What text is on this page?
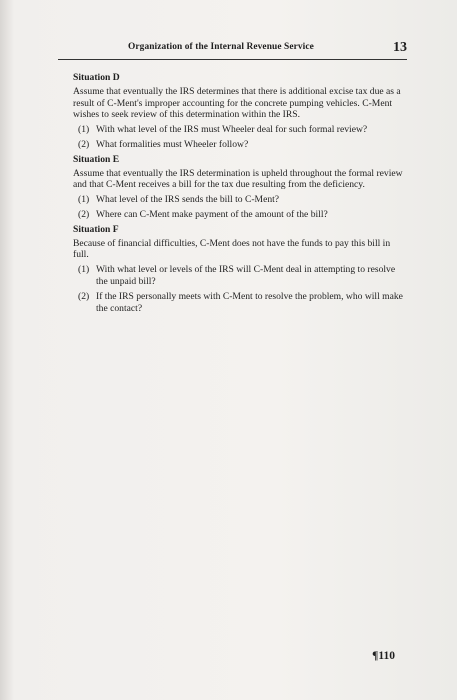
Organization of the Internal Revenue Service	13
Situation D
Assume that eventually the IRS determines that there is additional excise tax due as a result of C-Ment's improper accounting for the concrete pumping vehicles. C-Ment wishes to seek review of this determination within the IRS.
(1) With what level of the IRS must Wheeler deal for such formal review?
(2) What formalities must Wheeler follow?
Situation E
Assume that eventually the IRS determination is upheld throughout the formal review and that C-Ment receives a bill for the tax due resulting from the deficiency.
(1) What level of the IRS sends the bill to C-Ment?
(2) Where can C-Ment make payment of the amount of the bill?
Situation F
Because of financial difficulties, C-Ment does not have the funds to pay this bill in full.
(1) With what level or levels of the IRS will C-Ment deal in attempting to resolve the unpaid bill?
(2) If the IRS personally meets with C-Ment to resolve the problem, who will make the contact?
¶110
